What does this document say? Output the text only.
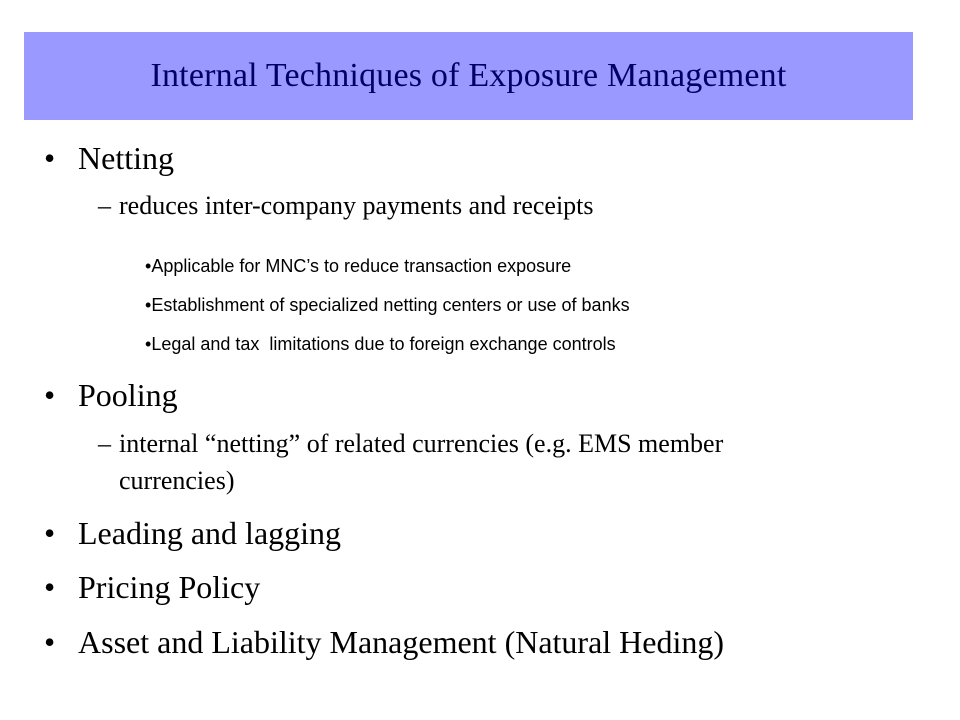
Internal Techniques of Exposure Management
• Netting
– reduces inter-company payments and receipts
•Applicable for MNC’s to reduce transaction exposure
•Establishment of specialized netting centers or use of banks
•Legal and tax  limitations due to foreign exchange controls
• Pooling
– internal “netting” of related currencies (e.g. EMS member
currencies)
• Leading and lagging
• Pricing Policy
• Asset and Liability Management (Natural Heding)
